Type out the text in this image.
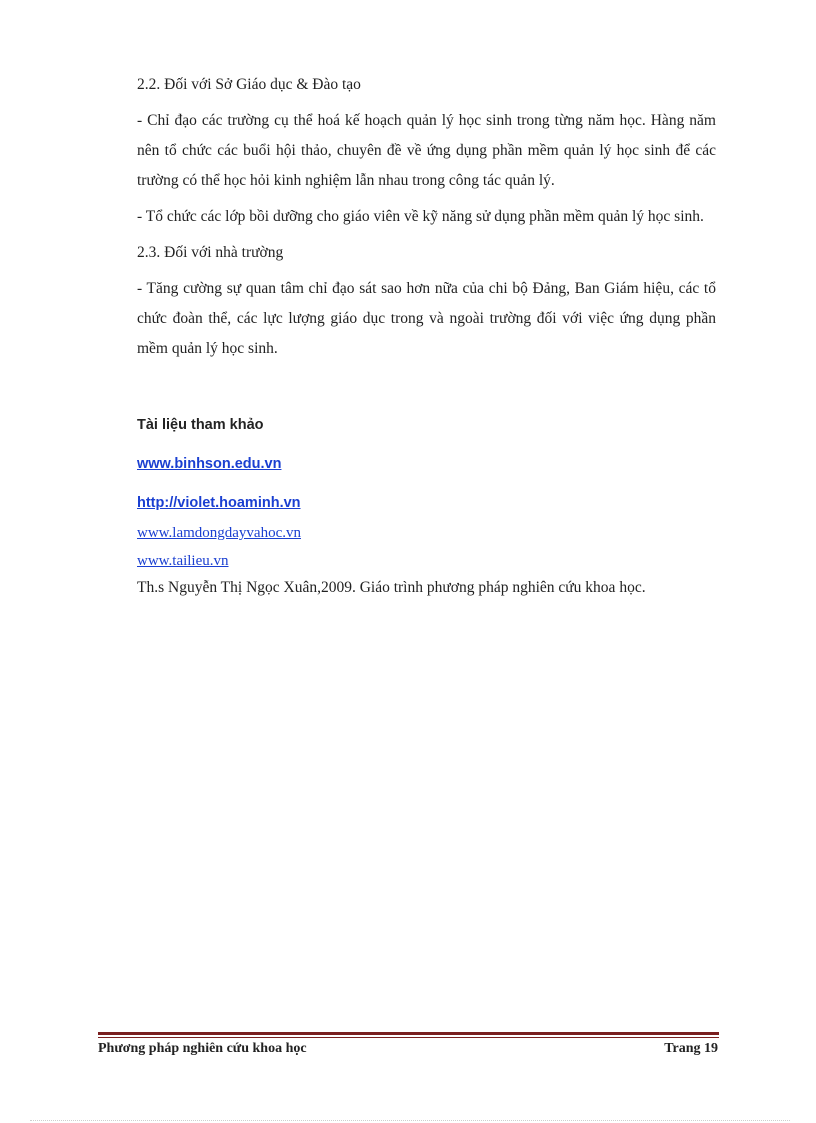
2.2. Đối với Sở Giáo dục & Đào tạo

- Chỉ đạo các trường cụ thể hoá kế hoạch quản lý học sinh trong từng năm học. Hàng năm nên tổ chức các buổi hội thảo, chuyên đề về ứng dụng phần mềm quản lý học sinh để các trường có thể học hỏi kinh nghiệm lẫn nhau trong công tác quản lý.

- Tổ chức các lớp bồi dưỡng cho giáo viên về kỹ năng sử dụng phần mềm quản lý học sinh.

2.3. Đối với nhà trường

- Tăng cường sự quan tâm chỉ đạo sát sao hơn nữa của chi bộ Đảng, Ban Giám hiệu, các tổ chức đoàn thể, các lực lượng giáo dục trong và ngoài trường đối với việc ứng dụng phần mềm quản lý học sinh.

Tài liệu tham khảo
www.binhson.edu.vn
http://violet.hoaminh.vn
www.lamdongdayvahoc.vn
www.tailieu.vn
Th.s Nguyễn Thị Ngọc Xuân,2009. Giáo trình phương pháp nghiên cứu khoa học.
Phương pháp nghiên cứu khoa học	Trang 19
